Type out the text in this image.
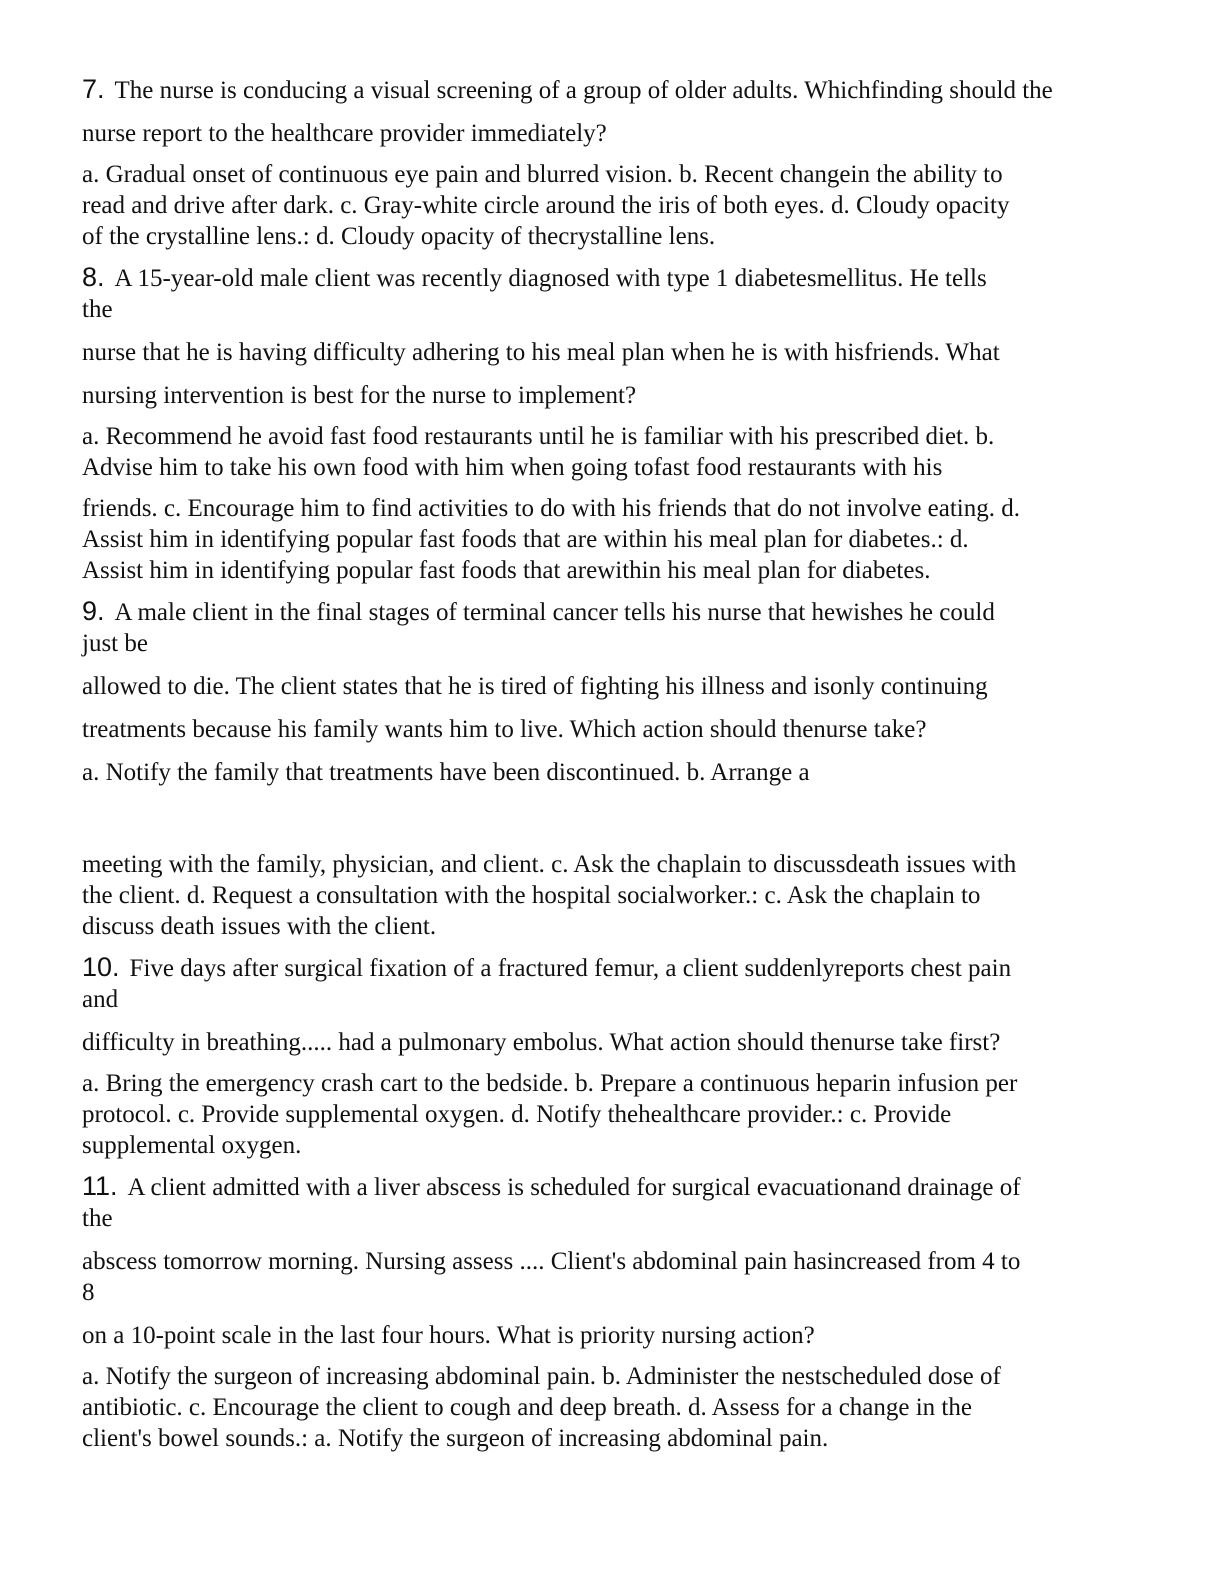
7. The nurse is conducing a visual screening of a group of older adults. Whichfinding should the

nurse report to the healthcare provider immediately?

a. Gradual onset of continuous eye pain and blurred vision. b. Recent changein the ability to

read and drive after dark. c. Gray-white circle around the iris of both eyes. d. Cloudy opacity

of the crystalline lens.: d. Cloudy opacity of thecrystalline lens.

8. A 15-year-old male client was recently diagnosed with type 1 diabetesmellitus. He tells

the

nurse that he is having difficulty adhering to his meal plan when he is with hisfriends. What

nursing intervention is best for the nurse to implement?

a. Recommend he avoid fast food restaurants until he is familiar with his prescribed diet. b.

Advise him to take his own food with him when going tofast food restaurants with his

friends. c. Encourage him to find activities to do with his friends that do not involve eating. d.

Assist him in identifying popular fast foods that are within his meal plan for diabetes.: d.

Assist him in identifying popular fast foods that arewithin his meal plan for diabetes.

9. A male client in the final stages of terminal cancer tells his nurse that hewishes he could

just be

allowed to die. The client states that he is tired of fighting his illness and isonly continuing

treatments because his family wants him to live. Which action should thenurse take?

a. Notify the family that treatments have been discontinued. b. Arrange a

meeting with the family, physician, and client. c. Ask the chaplain to discussdeath issues with

the client. d. Request a consultation with the hospital socialworker.: c. Ask the chaplain to

discuss death issues with the client.

10. Five days after surgical fixation of a fractured femur, a client suddenlyreports chest pain

and

difficulty in breathing..... had a pulmonary embolus. What action should thenurse take first?

a. Bring the emergency crash cart to the bedside. b. Prepare a continuous heparin infusion per

protocol. c. Provide supplemental oxygen. d. Notify thehealthcare provider.: c. Provide

supplemental oxygen.

11. A client admitted with a liver abscess is scheduled for surgical evacuationand drainage of

the

abscess tomorrow morning. Nursing assess .... Client's abdominal pain hasincreased from 4 to

8

on a 10-point scale in the last four hours. What is priority nursing action?

a. Notify the surgeon of increasing abdominal pain. b. Administer the nestscheduled dose of

antibiotic. c. Encourage the client to cough and deep breath. d. Assess for a change in the

client's bowel sounds.: a. Notify the surgeon of increasing abdominal pain.
